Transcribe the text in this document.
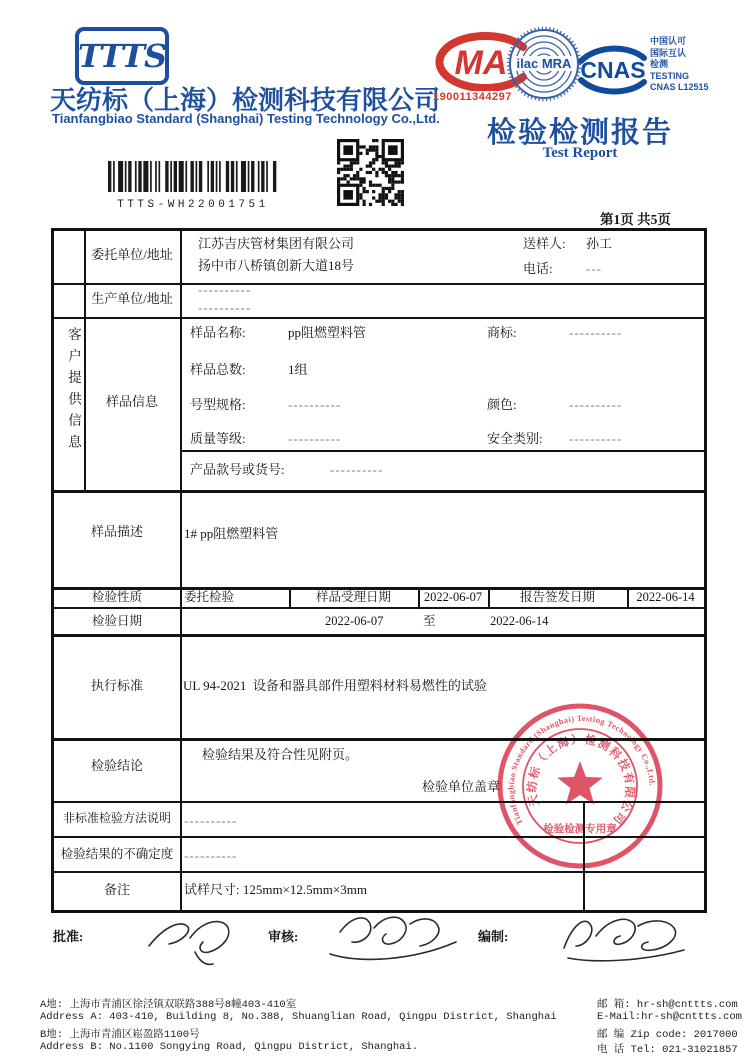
TTTS
天纺标（上海）检测科技有限公司
Tianfangbiao Standard (Shanghai) Testing Technology Co.,Ltd.
TTTS-WH22001751
MA
190011344297
ilac MRA CNAS
中国认可
国际互认
检测
TESTING
CNAS L12515
检验检测报告
Test Report
第1页 共5页
客户提供信息
委托单位/地址
江苏吉庆管材集团有限公司
扬中市八桥镇创新大道18号
送样人: 孙工
电话:	---
生产单位/地址
----------
----------
样品信息
样品名称:	pp阻燃塑料管	商标:	----------
样品总数:	1组
号型规格:	----------	颜色:	----------
质量等级:	----------	安全类别: ----------
产品款号或货号:	----------
样品描述	1# pp阻燃塑料管
检验性质	委托检验	样品受理日期	2022-06-07	报告签发日期	2022-06-14
检验日期	2022-06-07	至	2022-06-14
执行标准	UL 94-2021  设备和器具部件用塑料材料易燃性的试验
检验结论
检验结果及符合性见附页。
检验单位盖章
非标准检验方法说明	----------
检验结果的不确定度 ----------
备注	试样尺寸: 125mm×12.5mm×3mm
Tianfangbiao Standard (Shanghai) Testing Technology Co.,Ltd.
天纺标（上海）检测科技有限公司
检验检测专用章
批准:	审核:	编制:
A地: 上海市青浦区徐泾镇双联路388号8幢403-410室
Address A: 403-410, Building 8, No.388, Shuanglian Road, Qingpu District, Shanghai
B地: 上海市青浦区崧盈路1100号
Address B: No.1100 Songying Road, Qingpu District, Shanghai.
邮 箱: hr-sh@cnttts.com
E-Mail:hr-sh@cnttts.com
邮 编 Zip code: 2017000
电 话 Tel: 021-31021857
